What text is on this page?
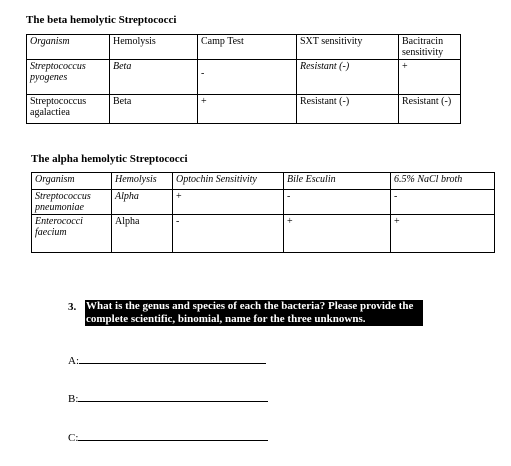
The beta hemolytic Streptococci
Organism	Hemolysis	Camp Test	SXT sensitivity	Bacitracin sensitivity
Streptococcus pyogenes	Beta	-	Resistant (-)	+
Streptococcus agalactiea	Beta	+	Resistant (-)	Resistant (-)
The alpha hemolytic Streptococci
Organism	Hemolysis	Optochin Sensitivity	Bile Esculin	6.5% NaCl broth
Streptococcus pneumoniae	Alpha	+	-	-
Enterococci faecium	Alpha	-	+	+
3. What is the genus and species of each the bacteria? Please provide the complete scientific, binomial, name for the three unknowns.
A:
B:
C:
